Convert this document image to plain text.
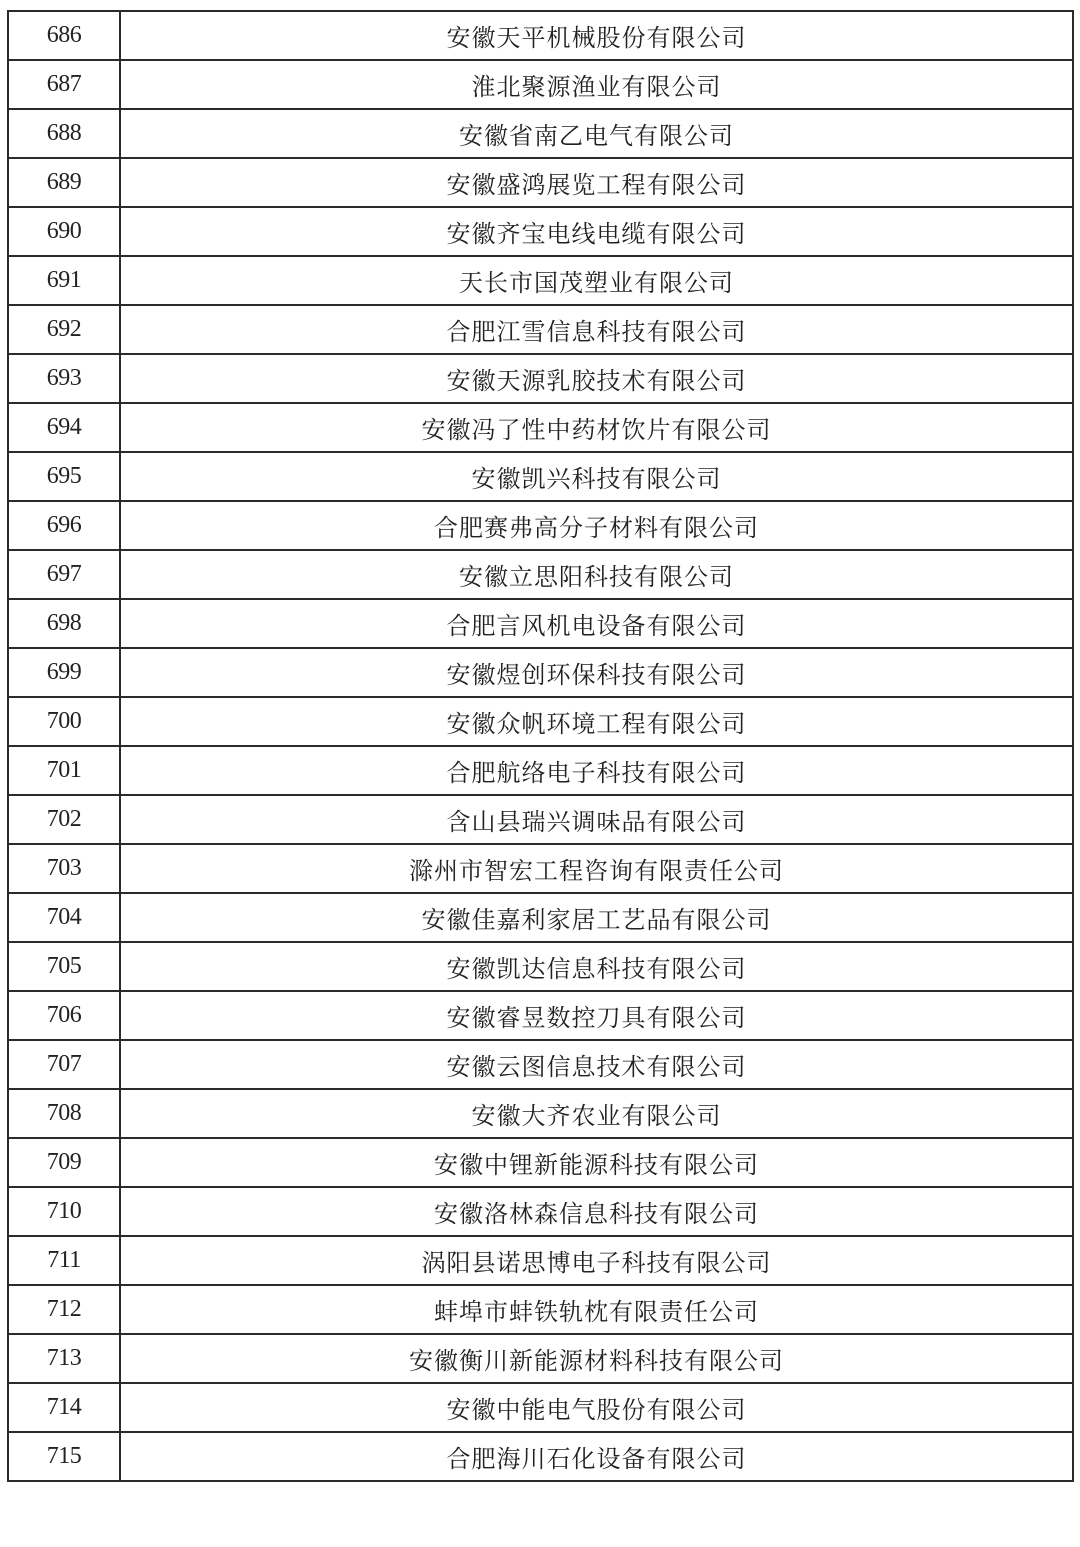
686	安徽天平机械股份有限公司
687	淮北聚源渔业有限公司
688	安徽省南乙电气有限公司
689	安徽盛鸿展览工程有限公司
690	安徽齐宝电线电缆有限公司
691	天长市国茂塑业有限公司
692	合肥江雪信息科技有限公司
693	安徽天源乳胶技术有限公司
694	安徽冯了性中药材饮片有限公司
695	安徽凯兴科技有限公司
696	合肥赛弗高分子材料有限公司
697	安徽立思阳科技有限公司
698	合肥言风机电设备有限公司
699	安徽煜创环保科技有限公司
700	安徽众帆环境工程有限公司
701	合肥航络电子科技有限公司
702	含山县瑞兴调味品有限公司
703	滁州市智宏工程咨询有限责任公司
704	安徽佳嘉利家居工艺品有限公司
705	安徽凯达信息科技有限公司
706	安徽睿昱数控刀具有限公司
707	安徽云图信息技术有限公司
708	安徽大齐农业有限公司
709	安徽中锂新能源科技有限公司
710	安徽洛林森信息科技有限公司
711	涡阳县诺思博电子科技有限公司
712	蚌埠市蚌铁轨枕有限责任公司
713	安徽衡川新能源材料科技有限公司
714	安徽中能电气股份有限公司
715	合肥海川石化设备有限公司
